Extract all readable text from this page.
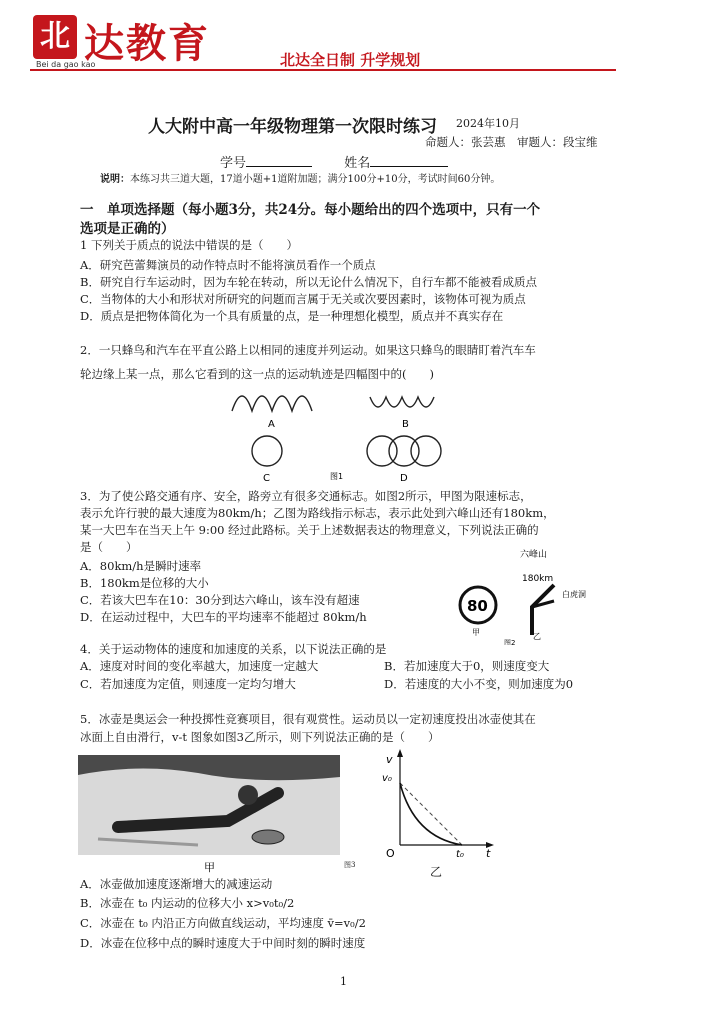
北 达教育
Bei da gao kao	北达全日制 升学规划
人大附中高一年级物理第一次限时练习 2024年10月
命题人：张芸惠　审题人：段宝维
学号	姓名
说明：本练习共三道大题，17道小题+1道附加题；满分100分+10分，考试时间60分钟。
一　单项选择题（每小题3分，共24分。每小题给出的四个选项中，只有一个
选项是正确的）
1 下列关于质点的说法中错误的是（　　）
A．研究芭蕾舞演员的动作特点时不能将演员看作一个质点
B．研究自行车运动时，因为车轮在转动，所以无论什么情况下，自行车都不能被看成质点
C．当物体的大小和形状对所研究的问题而言属于无关或次要因素时，该物体可视为质点
D．质点是把物体简化为一个具有质量的点，是一种理想化模型，质点并不真实存在
2．一只蜂鸟和汽车在平直公路上以相同的速度并列运动。如果这只蜂鸟的眼睛盯着汽车车
轮边缘上某一点，那么它看到的这一点的运动轨迹是四幅图中的(　　)
A	B
C	D
图1
3．为了使公路交通有序、安全，路旁立有很多交通标志。如图2所示，甲图为限速标志，
表示允许行驶的最大速度为80km/h；乙图为路线指示标志，表示此处到六峰山还有180km，
某一大巴车在当天上午 9:00 经过此路标。关于上述数据表达的物理意义，下列说法正确的
是（　　）
A．80km/h是瞬时速率
B．180km是位移的大小
C．若该大巴车在10：30分到达六峰山，该车没有超速
D．在运动过程中，大巴车的平均速率不能超过 80km/h
80
甲
六峰山
180km
白虎洞
乙
图2
4．关于运动物体的速度和加速度的关系，以下说法正确的是
A．速度对时间的变化率越大，加速度一定越大	B．若加速度大于0，则速度变大
C．若加速度为定值，则速度一定均匀增大	D．若速度的大小不变，则加速度为0
5．冰壶是奥运会一种投掷性竞赛项目，很有观赏性。运动员以一定初速度投出冰壶使其在
冰面上自由滑行，v-t 图象如图3乙所示，则下列说法正确的是（　　）
甲	图3
v
v₀
O	t₀ t
乙
A．冰壶做加速度逐渐增大的减速运动
B．冰壶在 t₀ 内运动的位移大小 x>v₀t₀/2
C．冰壶在 t₀ 内沿正方向做直线运动，平均速度 v̄=v₀/2
D．冰壶在位移中点的瞬时速度大于中间时刻的瞬时速度
1
